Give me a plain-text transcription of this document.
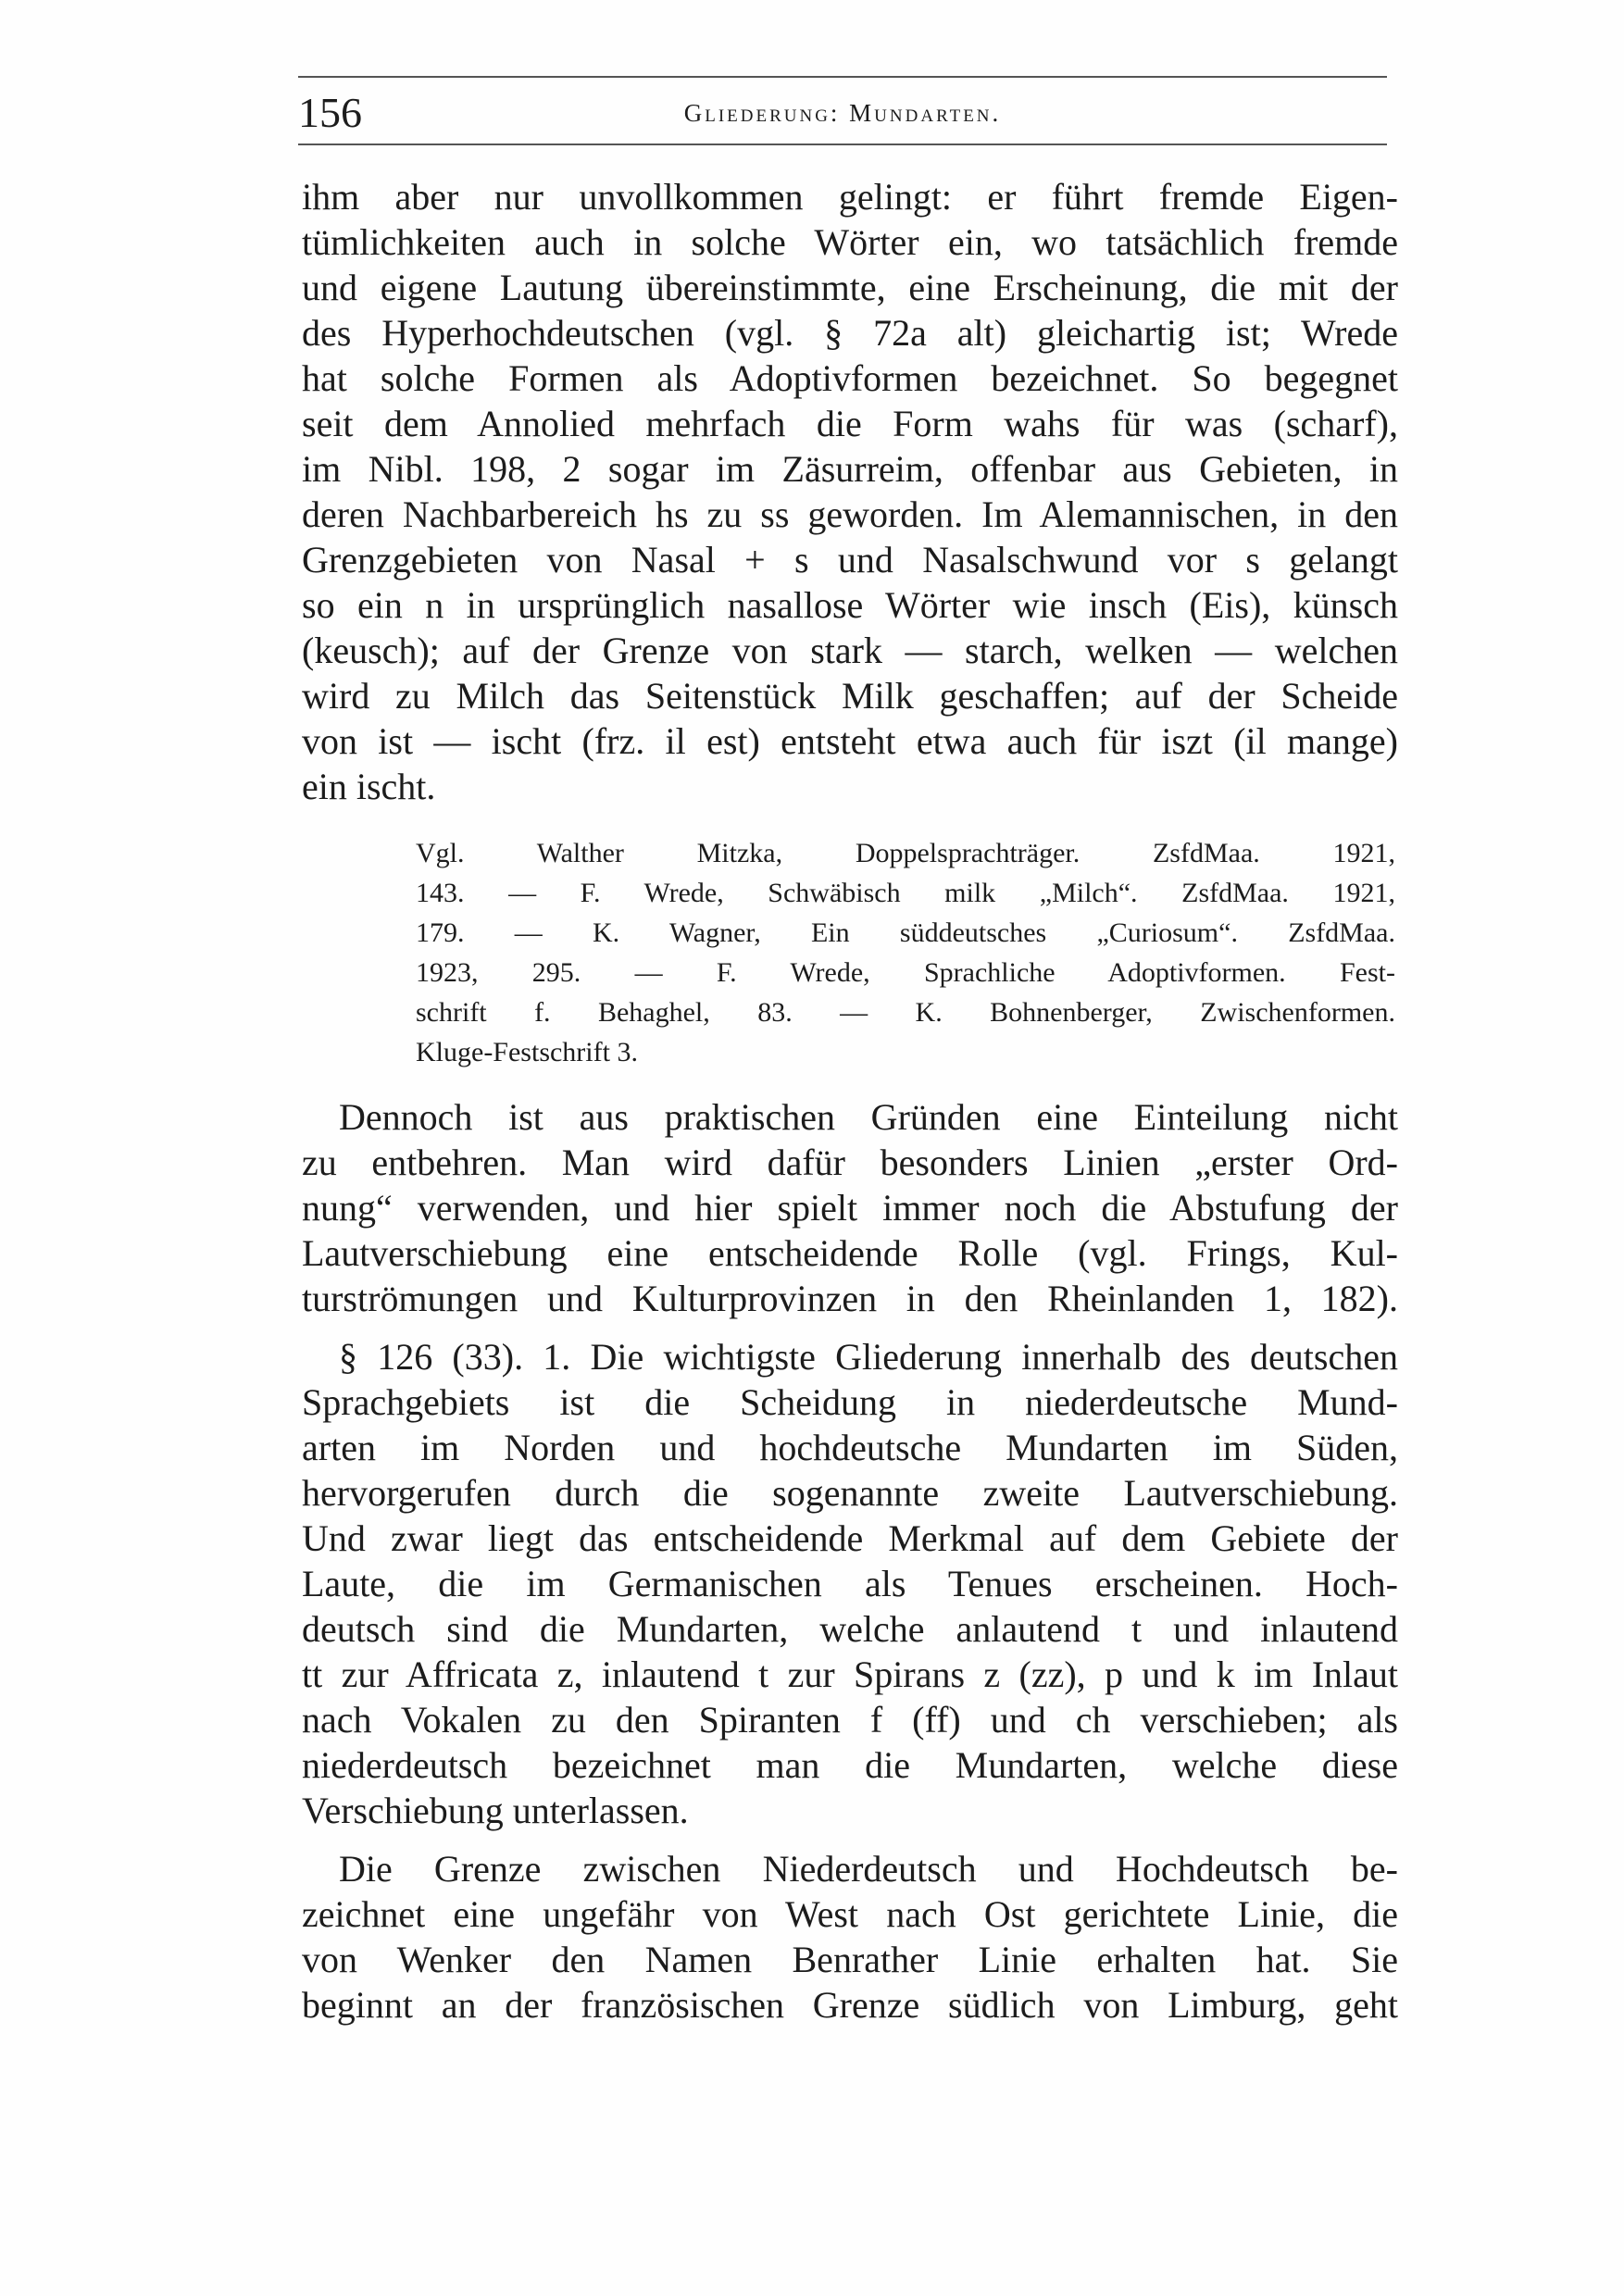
156	Gliederung: Mundarten.
ihm aber nur unvollkommen gelingt: er führt fremde Eigen-
tümlichkeiten auch in solche Wörter ein, wo tatsächlich fremde
und eigene Lautung übereinstimmte, eine Erscheinung, die mit der
des Hyperhochdeutschen (vgl. § 72a alt) gleichartig ist; Wrede
hat solche Formen als Adoptivformen bezeichnet. So begegnet
seit dem Annolied mehrfach die Form wahs für was (scharf),
im Nibl. 198, 2 sogar im Zäsurreim, offenbar aus Gebieten, in
deren Nachbarbereich hs zu ss geworden. Im Alemannischen, in den
Grenzgebieten von Nasal + s und Nasalschwund vor s gelangt
so ein n in ursprünglich nasallose Wörter wie insch (Eis), künsch
(keusch); auf der Grenze von stark — starch, welken — welchen
wird zu Milch das Seitenstück Milk geschaffen; auf der Scheide
von ist — ischt (frz. il est) entsteht etwa auch für iszt (il mange)
ein ischt.
Vgl. Walther Mitzka, Doppelsprachträger. ZsfdMaa. 1921,
143. — F. Wrede, Schwäbisch milk „Milch“. ZsfdMaa. 1921,
179. — K. Wagner, Ein süddeutsches „Curiosum“. ZsfdMaa.
1923, 295. — F. Wrede, Sprachliche Adoptivformen. Fest-
schrift f. Behaghel, 83. — K. Bohnenberger, Zwischenformen.
Kluge-Festschrift 3.
Dennoch ist aus praktischen Gründen eine Einteilung nicht
zu entbehren. Man wird dafür besonders Linien „erster Ord-
nung“ verwenden, und hier spielt immer noch die Abstufung der
Lautverschiebung eine entscheidende Rolle (vgl. Frings, Kul-
turströmungen und Kulturprovinzen in den Rheinlanden 1, 182).
§ 126 (33). 1. Die wichtigste Gliederung innerhalb des deutschen
Sprachgebiets ist die Scheidung in niederdeutsche Mund-
arten im Norden und hochdeutsche Mundarten im Süden,
hervorgerufen durch die sogenannte zweite Lautverschiebung.
Und zwar liegt das entscheidende Merkmal auf dem Gebiete der
Laute, die im Germanischen als Tenues erscheinen. Hoch-
deutsch sind die Mundarten, welche anlautend t und inlautend
tt zur Affricata z, inlautend t zur Spirans z (zz), p und k im Inlaut
nach Vokalen zu den Spiranten f (ff) und ch verschieben; als
niederdeutsch bezeichnet man die Mundarten, welche diese
Verschiebung unterlassen.
Die Grenze zwischen Niederdeutsch und Hochdeutsch be-
zeichnet eine ungefähr von West nach Ost gerichtete Linie, die
von Wenker den Namen Benrather Linie erhalten hat. Sie
beginnt an der französischen Grenze südlich von Limburg, geht
